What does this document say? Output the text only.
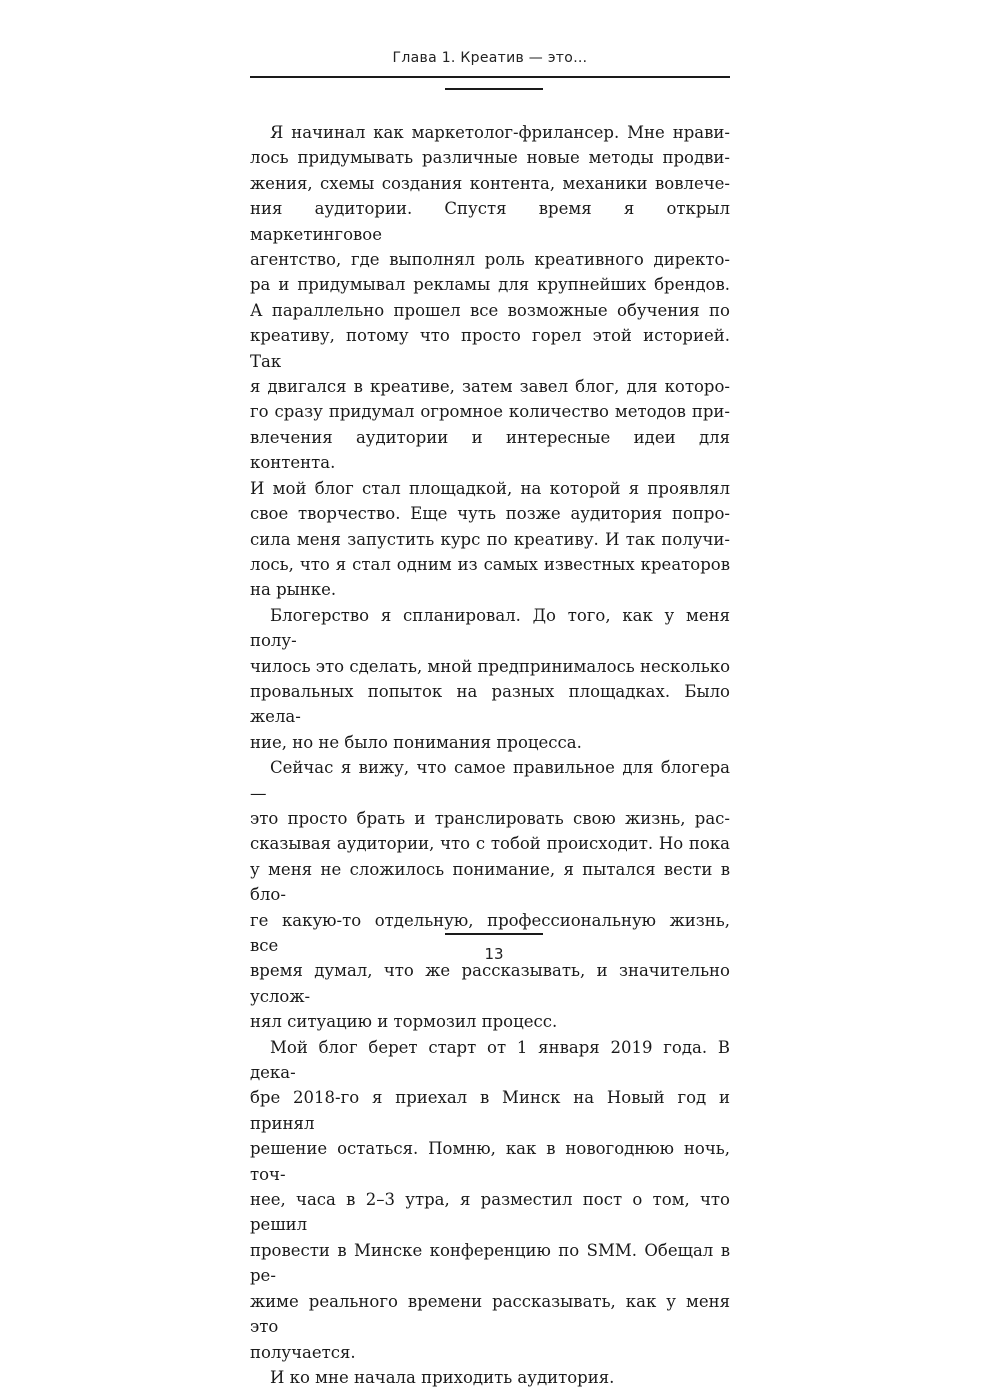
Глава 1. Креатив — это…

Я начинал как маркетолог-фрилансер. Мне нрави-
лось придумывать различные новые методы продви-
жения, схемы создания контента, механики вовлече-
ния аудитории. Спустя время я открыл маркетинговое
агентство, где выполнял роль креативного директо-
ра и придумывал рекламы для крупнейших брендов.
А параллельно прошел все возможные обучения по
креативу, потому что просто горел этой историей. Так
я двигался в креативе, затем завел блог, для которо-
го сразу придумал огромное количество методов при-
влечения аудитории и интересные идеи для контента.
И мой блог стал площадкой, на которой я проявлял
свое творчество. Еще чуть позже аудитория попро-
сила меня запустить курс по креативу. И так получи-
лось, что я стал одним из самых известных креаторов
на рынке.

Блогерство я спланировал. До того, как у меня полу-
чилось это сделать, мной предпринималось несколько
провальных попыток на разных площадках. Было желa-
ние, но не было понимания процесса.

Сейчас я вижу, что самое правильное для блогера —
это просто брать и транслировать свою жизнь, рас-
сказывая аудитории, что с тобой происходит. Но пока
у меня не сложилось понимание, я пытался вести в бло-
ге какую-то отдельную, профессиональную жизнь, все
время думал, что же рассказывать, и значительно услож-
нял ситуацию и тормозил процесс.

Мой блог берет старт от 1 января 2019 года. В дека-
бре 2018-го я приехал в Минск на Новый год и принял
решение остаться. Помню, как в новогоднюю ночь, точ-
нее, часа в 2–3 утра, я разместил пост о том, что решил
провести в Минске конференцию по SMM. Обещал в ре-
жиме реального времени рассказывать, как у меня это
получается.

И ко мне начала приходить аудитория.

13
